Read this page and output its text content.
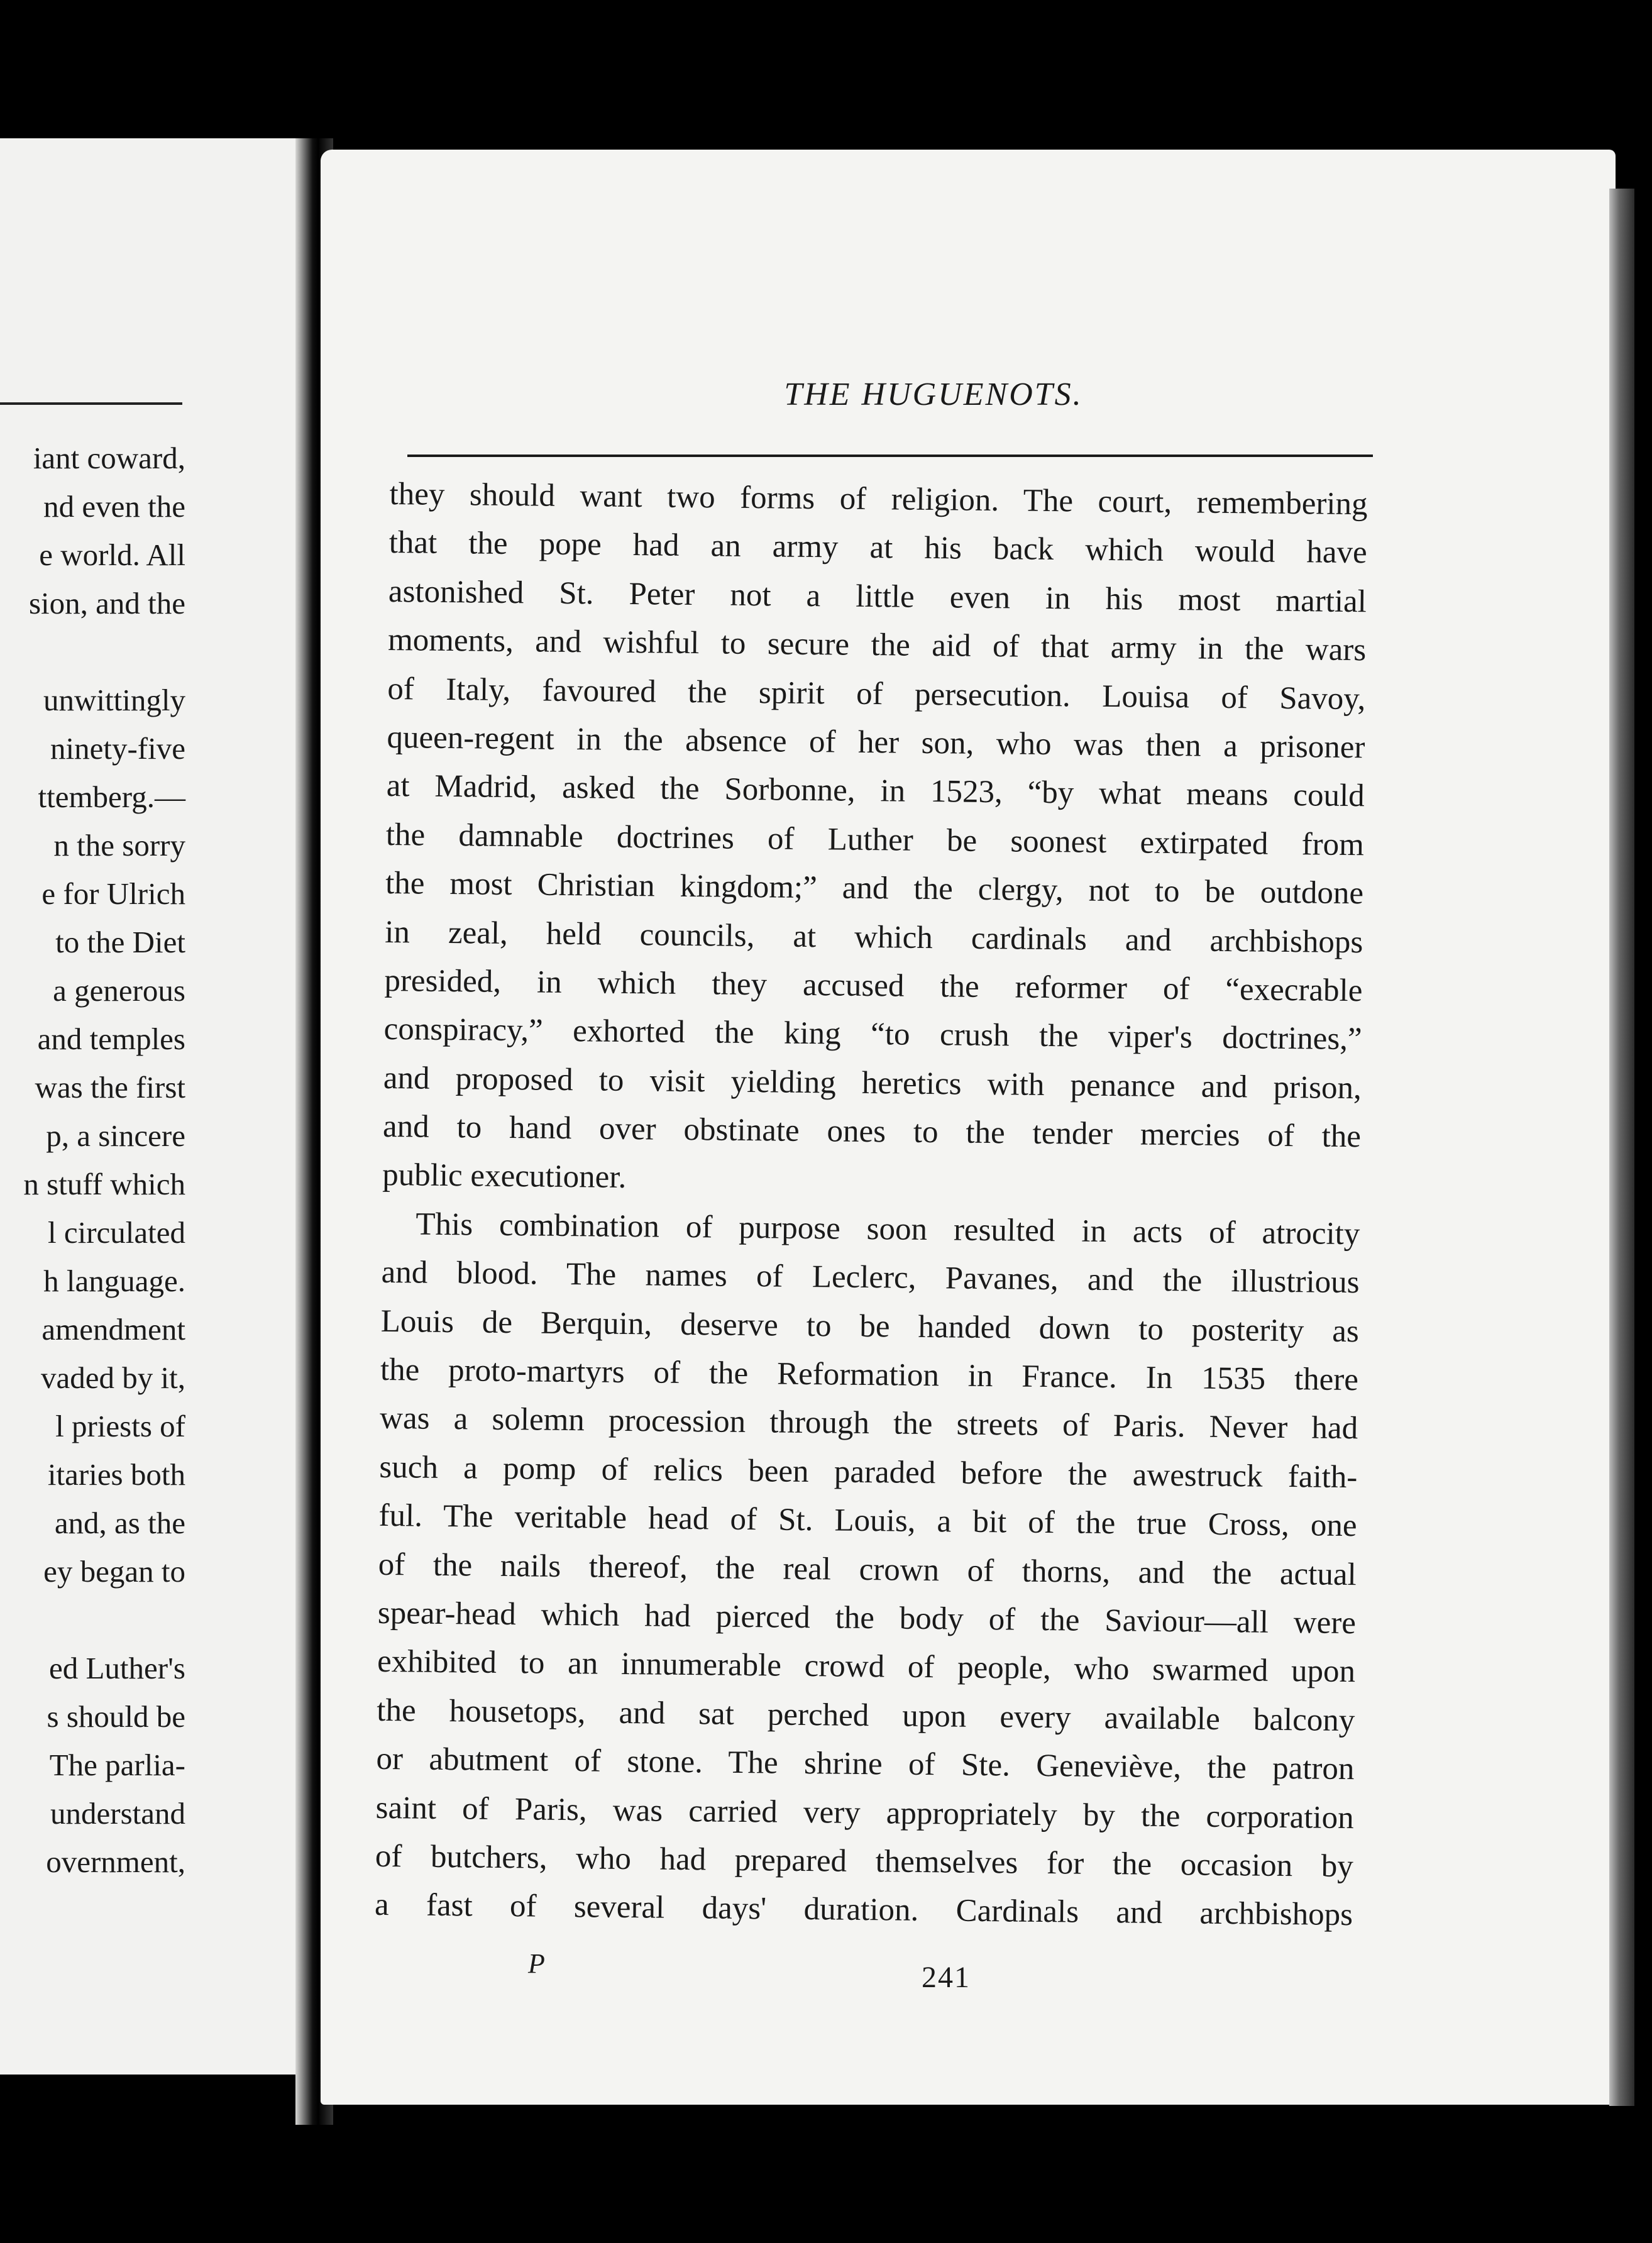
iant coward,
nd even the
e world. All
sion, and the
unwittingly
ninety-five
ttemberg.—
n the sorry
e for Ulrich
to the Diet
a generous
and temples
was the first
p, a sincere
n stuff which
l circulated
h language.
amendment
vaded by it,
l priests of
itaries both
and, as the
ey began to
ed Luther's
s should be
The parlia-
understand
overnment,
THE HUGUENOTS.
they should want two forms of religion. The court, remembering
that the pope had an army at his back which would have
astonished St. Peter not a little even in his most martial
moments, and wishful to secure the aid of that army in the wars
of Italy, favoured the spirit of persecution. Louisa of Savoy,
queen-regent in the absence of her son, who was then a prisoner
at Madrid, asked the Sorbonne, in 1523, “by what means could
the damnable doctrines of Luther be soonest extirpated from
the most Christian kingdom;” and the clergy, not to be outdone
in zeal, held councils, at which cardinals and archbishops
presided, in which they accused the reformer of “execrable
conspiracy,” exhorted the king “to crush the viper's doctrines,”
and proposed to visit yielding heretics with penance and prison,
and to hand over obstinate ones to the tender mercies of the
public executioner.
This combination of purpose soon resulted in acts of atrocity
and blood. The names of Leclerc, Pavanes, and the illustrious
Louis de Berquin, deserve to be handed down to posterity as
the proto-martyrs of the Reformation in France. In 1535 there
was a solemn procession through the streets of Paris. Never had
such a pomp of relics been paraded before the awestruck faith-
ful. The veritable head of St. Louis, a bit of the true Cross, one
of the nails thereof, the real crown of thorns, and the actual
spear-head which had pierced the body of the Saviour—all were
exhibited to an innumerable crowd of people, who swarmed upon
the housetops, and sat perched upon every available balcony
or abutment of stone. The shrine of Ste. Geneviève, the patron
saint of Paris, was carried very appropriately by the corporation
of butchers, who had prepared themselves for the occasion by
a fast of several days' duration. Cardinals and archbishops
P	241
